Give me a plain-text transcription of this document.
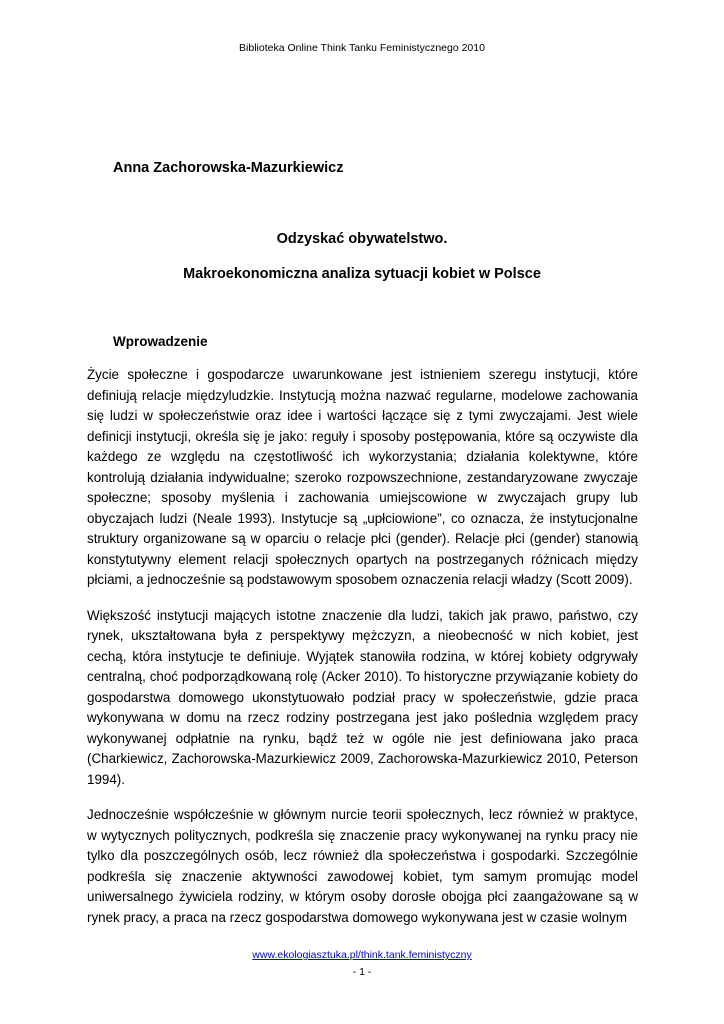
Biblioteka Online Think Tanku Feministycznego 2010
Anna Zachorowska-Mazurkiewicz
Odzyskać obywatelstwo.
Makroekonomiczna analiza sytuacji kobiet w Polsce
Wprowadzenie

Życie społeczne i gospodarcze uwarunkowane jest istnieniem szeregu instytucji, które definiują relacje międzyludzkie. Instytucją można nazwać regularne, modelowe zachowania się ludzi w społeczeństwie oraz idee i wartości łączące się z tymi zwyczajami. Jest wiele definicji instytucji, określa się je jako: reguły i sposoby postępowania, które są oczywiste dla każdego ze względu na częstotliwość ich wykorzystania; działania kolektywne, które kontrolują działania indywidualne; szeroko rozpowszechnione, zestandaryzowane zwyczaje społeczne; sposoby myślenia i zachowania umiejscowione w zwyczajach grupy lub obyczajach ludzi (Neale 1993). Instytucje są „upłciowione”, co oznacza, że instytucjonalne struktury organizowane są w oparciu o relacje płci (gender). Relacje płci (gender) stanowią konstytutywny element relacji społecznych opartych na postrzeganych różnicach między płciami, a jednocześnie są podstawowym sposobem oznaczenia relacji władzy (Scott 2009).

Większość instytucji mających istotne znaczenie dla ludzi, takich jak prawo, państwo, czy rynek, ukształtowana była z perspektywy mężczyzn, a nieobecność w nich kobiet, jest cechą, która instytucje te definiuje. Wyjątek stanowiła rodzina, w której kobiety odgrywały centralną, choć podporządkowaną rolę (Acker 2010). To historyczne przywiązanie kobiety do gospodarstwa domowego ukonstytuowało podział pracy w społeczeństwie, gdzie praca wykonywana w domu na rzecz rodziny postrzegana jest jako poślednia względem pracy wykonywanej odpłatnie na rynku, bądź też w ogóle nie jest definiowana jako praca (Charkiewicz, Zachorowska-Mazurkiewicz 2009, Zachorowska-Mazurkiewicz 2010, Peterson 1994).

Jednocześnie współcześnie w głównym nurcie teorii społecznych, lecz również w praktyce, w wytycznych politycznych, podkreśla się znaczenie pracy wykonywanej na rynku pracy nie tylko dla poszczególnych osób, lecz również dla społeczeństwa i gospodarki. Szczególnie podkreśla się znaczenie aktywności zawodowej kobiet, tym samym promując model uniwersalnego żywiciela rodziny, w którym osoby dorosłe obojga płci zaangażowane są w rynek pracy, a praca na rzecz gospodarstwa domowego wykonywana jest w czasie wolnym

www.ekologiasztuka.pl/think.tank.feministyczny
- 1 -
